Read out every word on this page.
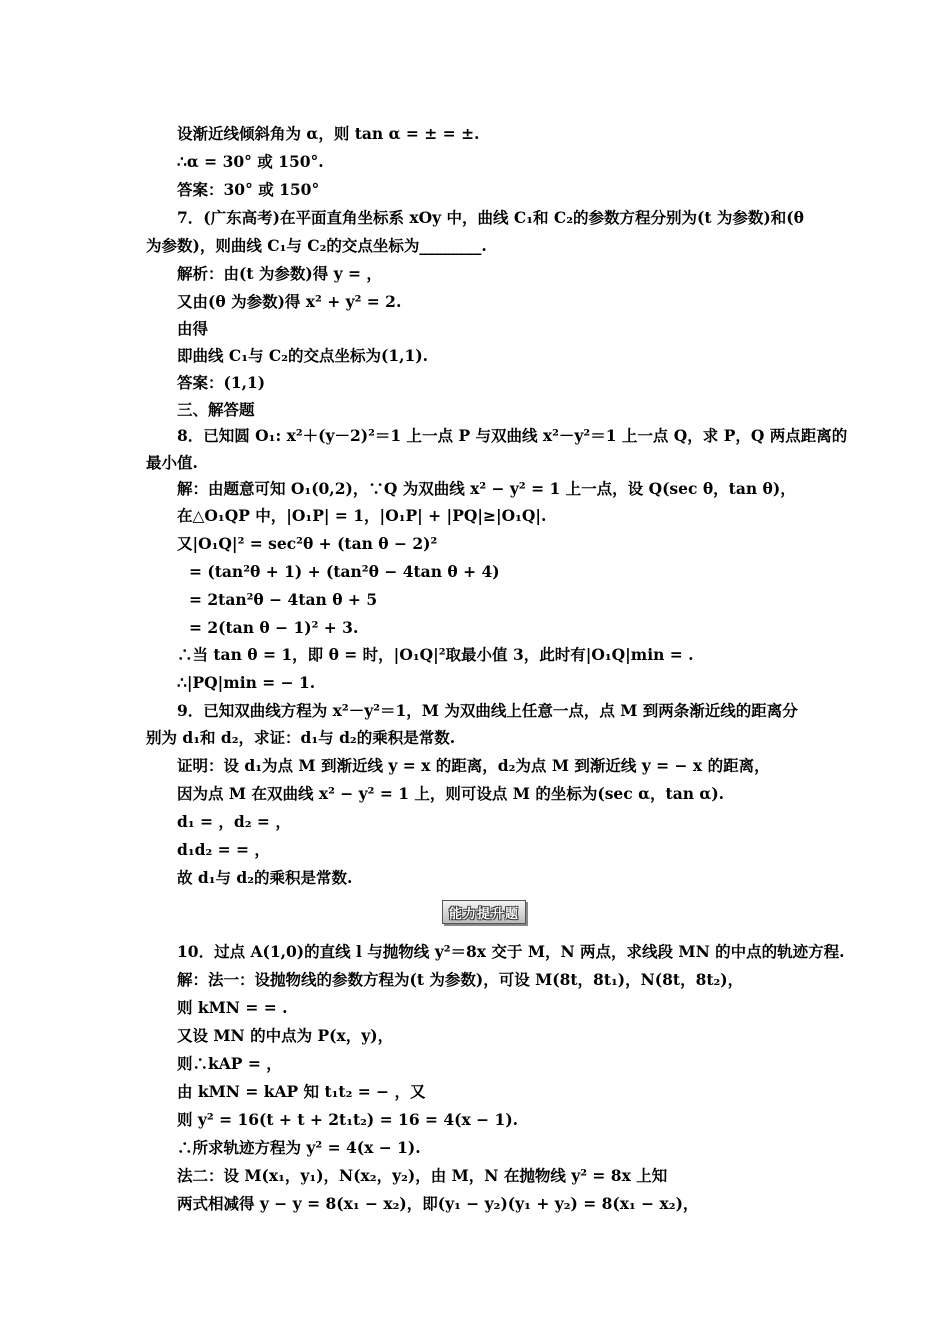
设渐近线倾斜角为 α，则 tan α = ± = ±.
∴α = 30° 或 150°.
答案：30° 或 150°
7．(广东高考)在平面直角坐标系 xOy 中，曲线 C₁和 C₂的参数方程分别为(t 为参数)和(θ
为参数)，则曲线 C₁与 C₂的交点坐标为________.
解析：由(t 为参数)得 y = ，
又由(θ 为参数)得 x² + y² = 2.
由得
即曲线 C₁与 C₂的交点坐标为(1,1).
答案：(1,1)
三、解答题
8．已知圆 O₁: x²＋(y－2)²＝1 上一点 P 与双曲线 x²－y²＝1 上一点 Q，求 P，Q 两点距离的
最小值.
解：由题意可知 O₁(0,2)，∵Q 为双曲线 x² − y² = 1 上一点，设 Q(sec θ，tan θ)，
在△O₁QP 中，|O₁P| = 1，|O₁P| + |PQ|≥|O₁Q|.
又|O₁Q|² = sec²θ + (tan θ − 2)²
= (tan²θ + 1) + (tan²θ − 4tan θ + 4)
= 2tan²θ − 4tan θ + 5
= 2(tan θ − 1)² + 3.
∴当 tan θ = 1，即 θ = 时，|O₁Q|²取最小值 3，此时有|O₁Q|min = .
∴|PQ|min = − 1.
9．已知双曲线方程为 x²－y²＝1，M 为双曲线上任意一点，点 M 到两条渐近线的距离分
别为 d₁和 d₂，求证：d₁与 d₂的乘积是常数.
证明：设 d₁为点 M 到渐近线 y = x 的距离，d₂为点 M 到渐近线 y = − x 的距离，
因为点 M 在双曲线 x² − y² = 1 上，则可设点 M 的坐标为(sec α，tan α).
d₁ = ，d₂ = ，
d₁d₂ = = ，
故 d₁与 d₂的乘积是常数.
能力提升题
10．过点 A(1,0)的直线 l 与抛物线 y²＝8x 交于 M，N 两点，求线段 MN 的中点的轨迹方程.
解：法一：设抛物线的参数方程为(t 为参数)，可设 M(8t，8t₁)，N(8t，8t₂)，
则 kMN = = .
又设 MN 的中点为 P(x，y)，
则∴kAP = ，
由 kMN = kAP 知 t₁t₂ = − ，又
则 y² = 16(t + t + 2t₁t₂) = 16 = 4(x − 1).
∴所求轨迹方程为 y² = 4(x − 1).
法二：设 M(x₁，y₁)，N(x₂，y₂)，由 M，N 在抛物线 y² = 8x 上知
两式相减得 y − y = 8(x₁ − x₂)，即(y₁ − y₂)(y₁ + y₂) = 8(x₁ − x₂)，
